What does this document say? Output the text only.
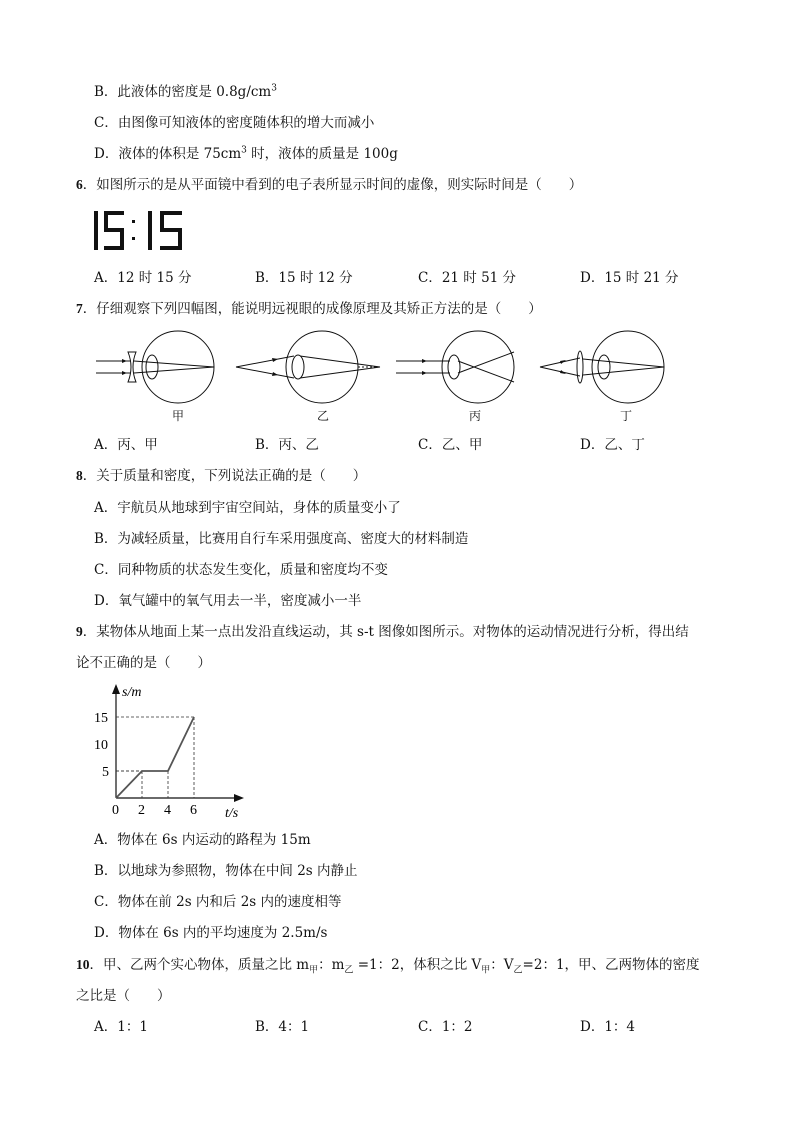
B．此液体的密度是 $0.8g/cm^3$
C．由图像可知液体的密度随体积的增大而减小
D．液体的体积是 $75cm^3$ 时，液体的质量是 100g
6．如图所示的是从平面镜中看到的电子表所显示时间的虚像，则实际时间是（　　）
12: 15
A．12 时 15 分	B．15 时 12 分	C．21 时 51 分	D．15 时 21 分
7．仔细观察下列四幅图，能说明远视眼的成像原理及其矫正方法的是（　　）
甲	乙	丙	丁
A．丙、甲	B．丙、乙	C．乙、甲	D．乙、丁
8．关于质量和密度，下列说法正确的是（　　）
A．宇航员从地球到宇宙空间站，身体的质量变小了
B．为减轻质量，比赛用自行车采用强度高、密度大的材料制造
C．同种物质的状态发生变化，质量和密度均不变
D．氧气罐中的氧气用去一半，密度减小一半
9．某物体从地面上某一点出发沿直线运动，其 s-t 图像如图所示。对物体的运动情况进行分析，得出结
论不正确的是（　　）
s/m
t/s
0 2 4 6
5
10
15
A．物体在 6s 内运动的路程为 15m
B．以地球为参照物，物体在中间 2s 内静止
C．物体在前 2s 内和后 2s 内的速度相等
D．物体在 6s 内的平均速度为 2.5m/s
10．甲、乙两个实心物体，质量之比 $m_甲$：$m_乙 =1$：2，体积之比 $V_甲$：$V_乙=2$：1，甲、乙两物体的密度
之比是（　　）
A．1：1	B．4：1	C．1：2	D．1：4
